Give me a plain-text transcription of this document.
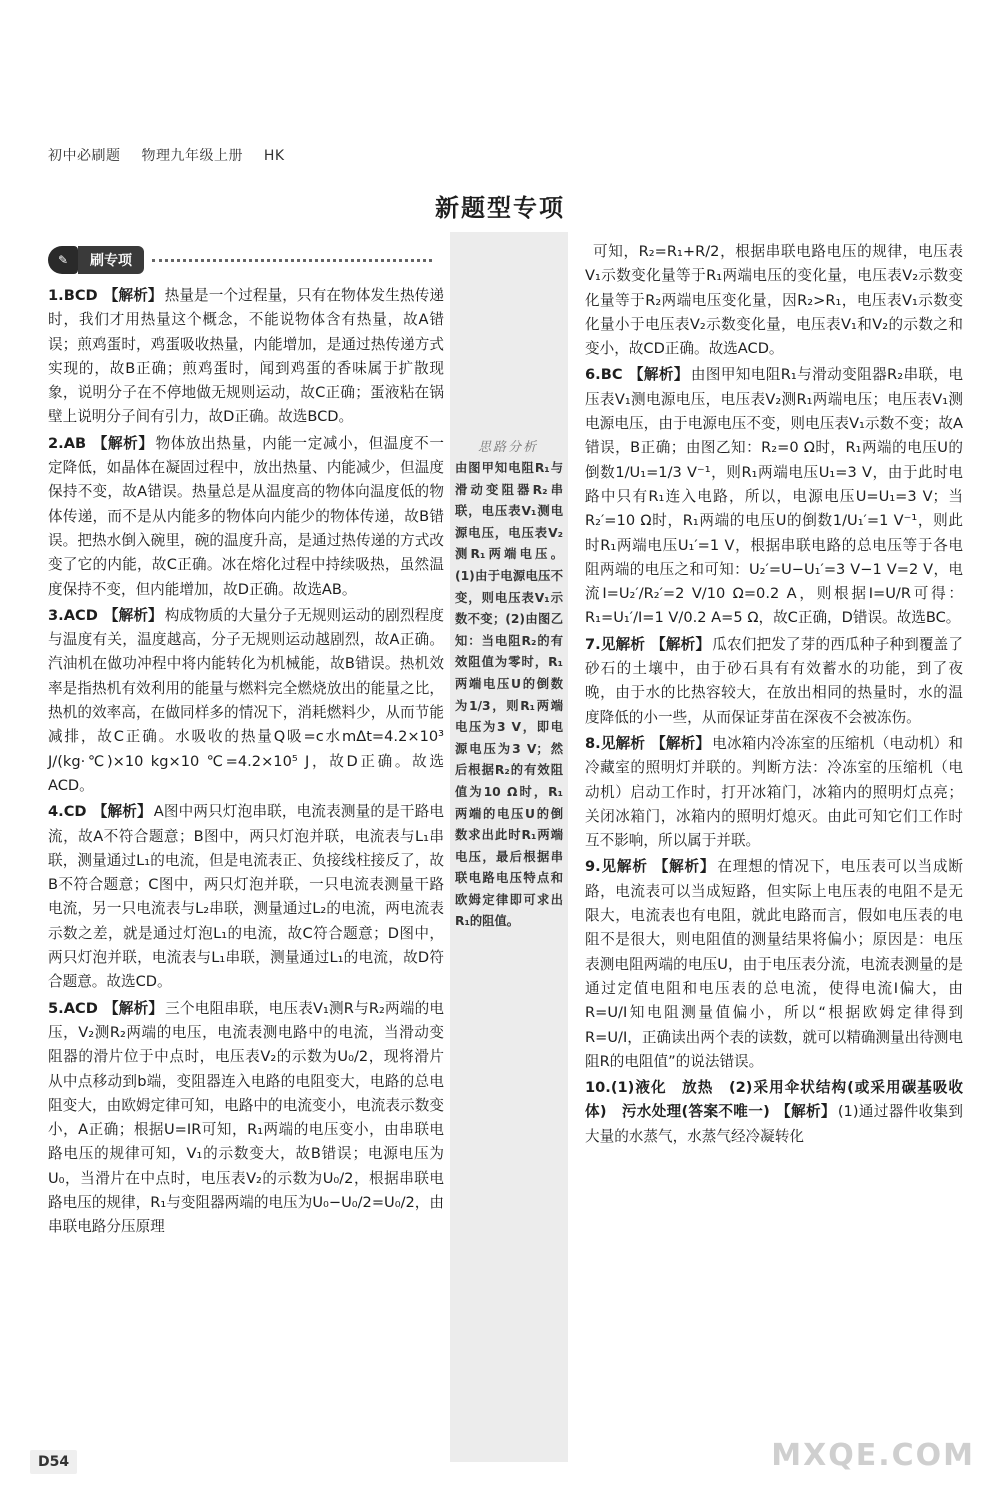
初中必刷题 物理九年级上册 HK
新题型专项
✎	刷专项

1.BCD 【解析】 热量是一个过程量，只有在物体发生热传递时，我们才用热量这个概念，不能说物体含有热量，故A错误；煎鸡蛋时，鸡蛋吸收热量，内能增加，是通过热传递方式实现的，故B正确；煎鸡蛋时，闻到鸡蛋的香味属于扩散现象，说明分子在不停地做无规则运动，故C正确；蛋液粘在锅壁上说明分子间有引力，故D正确。故选BCD。

2.AB 【解析】 物体放出热量，内能一定减小，但温度不一定降低，如晶体在凝固过程中，放出热量、内能减少，但温度保持不变，故A错误。热量总是从温度高的物体向温度低的物体传递，而不是从内能多的物体向内能少的物体传递，故B错误。把热水倒入碗里，碗的温度升高，是通过热传递的方式改变了它的内能，故C正确。冰在熔化过程中持续吸热，虽然温度保持不变，但内能增加，故D正确。故选AB。

3.ACD 【解析】 构成物质的大量分子无规则运动的剧烈程度与温度有关，温度越高，分子无规则运动越剧烈，故A正确。汽油机在做功冲程中将内能转化为机械能，故B错误。热机效率是指热机有效利用的能量与燃料完全燃烧放出的能量之比，热机的效率高，在做同样多的情况下，消耗燃料少，从而节能减排，故C正确。水吸收的热量Q吸=c水mΔt=4.2×10³ J/(kg·℃)×10 kg×10 ℃=4.2×10⁵ J，故D正确。故选ACD。

4.CD 【解析】 A图中两只灯泡串联，电流表测量的是干路电流，故A不符合题意；B图中，两只灯泡并联，电流表与L₁串联，测量通过L₁的电流，但是电流表正、负接线柱接反了，故B不符合题意；C图中，两只灯泡并联，一只电流表测量干路电流，另一只电流表与L₂串联，测量通过L₂的电流，两电流表示数之差，就是通过灯泡L₁的电流，故C符合题意；D图中，两只灯泡并联，电流表与L₁串联，测量通过L₁的电流，故D符合题意。故选CD。

5.ACD 【解析】 三个电阻串联，电压表V₁测R与R₂两端的电压，V₂测R₂两端的电压，电流表测电路中的电流，当滑动变阻器的滑片位于中点时，电压表V₂的示数为U₀/2，现将滑片从中点移动到b端，变阻器连入电路的电阻变大，电路的总电阻变大，由欧姆定律可知，电路中的电流变小，电流表示数变小，A正确；根据U=IR可知，R₁两端的电压变小，由串联电路电压的规律可知，V₁的示数变大，故B错误；电源电压为U₀，当滑片在中点时，电压表V₂的示数为U₀/2，根据串联电路电压的规律，R₁与变阻器两端的电压为U₀−U₀/2=U₀/2，由串联电路分压原理

思路分析
由图甲知电阻R₁与滑动变阻器R₂串联，电压表V₁测电源电压，电压表V₂测R₁两端电压。(1)由于电源电压不变，则电压表V₁示数不变；(2)由图乙知：当电阻R₂的有效阻值为零时，R₁两端电压U的倒数为1/3，则R₁两端电压为3 V，即电源电压为3 V；然后根据R₂的有效阻值为10 Ω时，R₁两端的电压U的倒数求出此时R₁两端电压，最后根据串联电路电压特点和欧姆定律即可求出R₁的阻值。

可知，R₂=R₁+R/2，根据串联电路电压的规律，电压表V₁示数变化量等于R₁两端电压的变化量，电压表V₂示数变化量等于R₂两端电压变化量，因R₂>R₁，电压表V₁示数变化量小于电压表V₂示数变化量，电压表V₁和V₂的示数之和变小，故CD正确。故选ACD。

6.BC 【解析】 由图甲知电阻R₁与滑动变阻器R₂串联，电压表V₁测电源电压，电压表V₂测R₁两端电压；电压表V₁测电源电压，由于电源电压不变，则电压表V₁示数不变；故A错误，B正确；由图乙知：R₂=0 Ω时，R₁两端的电压U的倒数1/U₁=1/3 V⁻¹，则R₁两端电压U₁=3 V，由于此时电路中只有R₁连入电路，所以，电源电压U=U₁=3 V；当R₂′=10 Ω时，R₁两端的电压U的倒数1/U₁′=1 V⁻¹，则此时R₁两端电压U₁′=1 V，根据串联电路的总电压等于各电阻两端的电压之和可知：U₂′=U−U₁′=3 V−1 V=2 V，电流I=U₂′/R₂′=2 V/10 Ω=0.2 A，则根据I=U/R可得：R₁=U₁′/I=1 V/0.2 A=5 Ω，故C正确，D错误。故选BC。

7.见解析 【解析】 瓜农们把发了芽的西瓜种子种到覆盖了砂石的土壤中，由于砂石具有有效蓄水的功能，到了夜晚，由于水的比热容较大，在放出相同的热量时，水的温度降低的小一些，从而保证芽苗在深夜不会被冻伤。

8.见解析 【解析】 电冰箱内冷冻室的压缩机（电动机）和冷藏室的照明灯并联的。判断方法：冷冻室的压缩机（电动机）启动工作时，打开冰箱门，冰箱内的照明灯点亮；关闭冰箱门，冰箱内的照明灯熄灭。由此可知它们工作时互不影响，所以属于并联。

9.见解析 【解析】 在理想的情况下，电压表可以当成断路，电流表可以当成短路，但实际上电压表的电阻不是无限大，电流表也有电阻，就此电路而言，假如电压表的电阻不是很大，则电阻值的测量结果将偏小；原因是：电压表测电阻两端的电压U，由于电压表分流，电流表测量的是通过定值电阻和电压表的总电流，使得电流I偏大，由R=U/I知电阻测量值偏小，所以“根据欧姆定律得到R=U/I，正确读出两个表的读数，就可以精确测量出待测电阻R的电阻值”的说法错误。

10.(1)液化　放热　(2)采用伞状结构(或采用碳基吸收体)　污水处理(答案不唯一) 【解析】 (1)通过器件收集到大量的水蒸气，水蒸气经冷凝转化

D54	MXQE.COM
